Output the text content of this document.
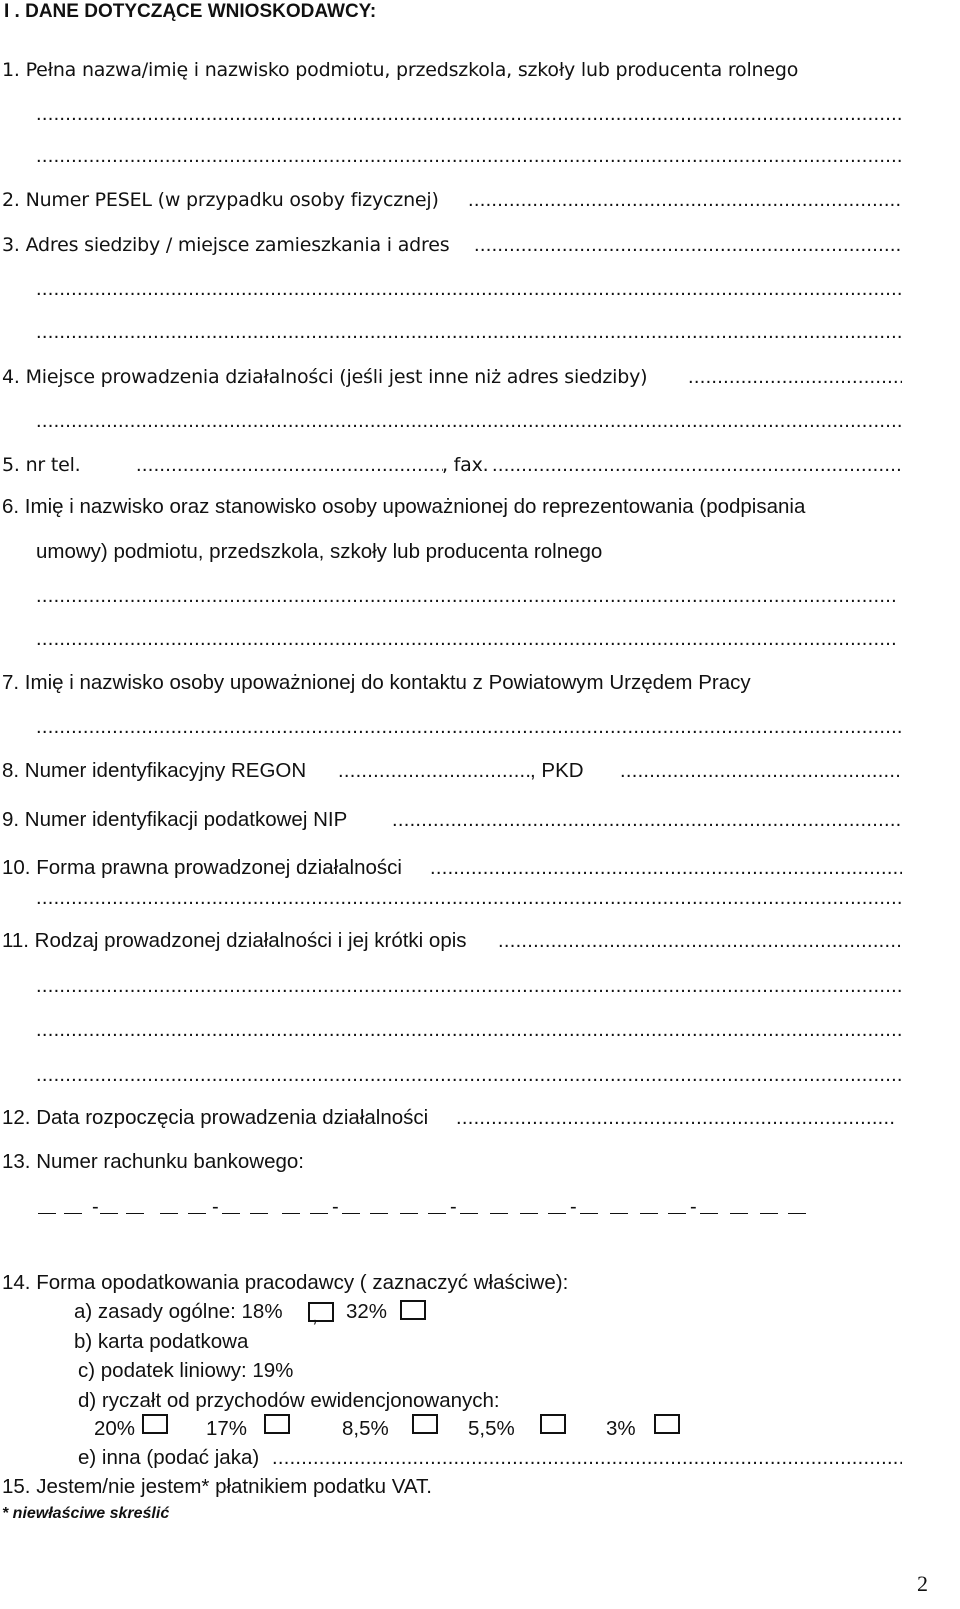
I . DANE DOTYCZĄCE WNIOSKODAWCY:
1. Pełna nazwa/imię i nazwisko podmiotu, przedszkola, szkoły lub producenta rolnego
.....
.....
2. Numer PESEL (w przypadku osoby fizycznej)
.....
3. Adres siedziby / miejsce zamieszkania i adres
.....
.....
.....
4. Miejsce prowadzenia działalności (jeśli jest inne niż adres siedziby)
.....
.....
5. nr tel. .....	, fax.
.....
6. Imię i nazwisko oraz stanowisko osoby upoważnionej do reprezentowania (podpisania
umowy) podmiotu, przedszkola, szkoły lub producenta rolnego
.....
.....
7. Imię i nazwisko osoby upoważnionej do kontaktu z Powiatowym Urzędem Pracy
.....
8. Numer identyfikacyjny REGON .....	, PKD
.....
9. Numer identyfikacji podatkowej NIP
.....
10. Forma prawna prowadzonej działalności
.....
.....
11. Rodzaj prowadzonej działalności i jej krótki opis
.....
.....
.....
.....
12. Data rozpoczęcia prowadzenia działalności
.....
13. Numer rachunku bankowego:
-	-	-	-	-	-
14. Forma opodatkowania pracodawcy ( zaznaczyć właściwe):
a) zasady ogólne: 18% , 32%
b) karta podatkowa
c) podatek liniowy: 19%
d) ryczałt od przychodów ewidencjonowanych:
20%	17%	8,5%	5,5%	3%
e) inna (podać jaka)
.....
15. Jestem/nie jestem* płatnikiem podatku VAT.
* niewłaściwe skreślić
2
